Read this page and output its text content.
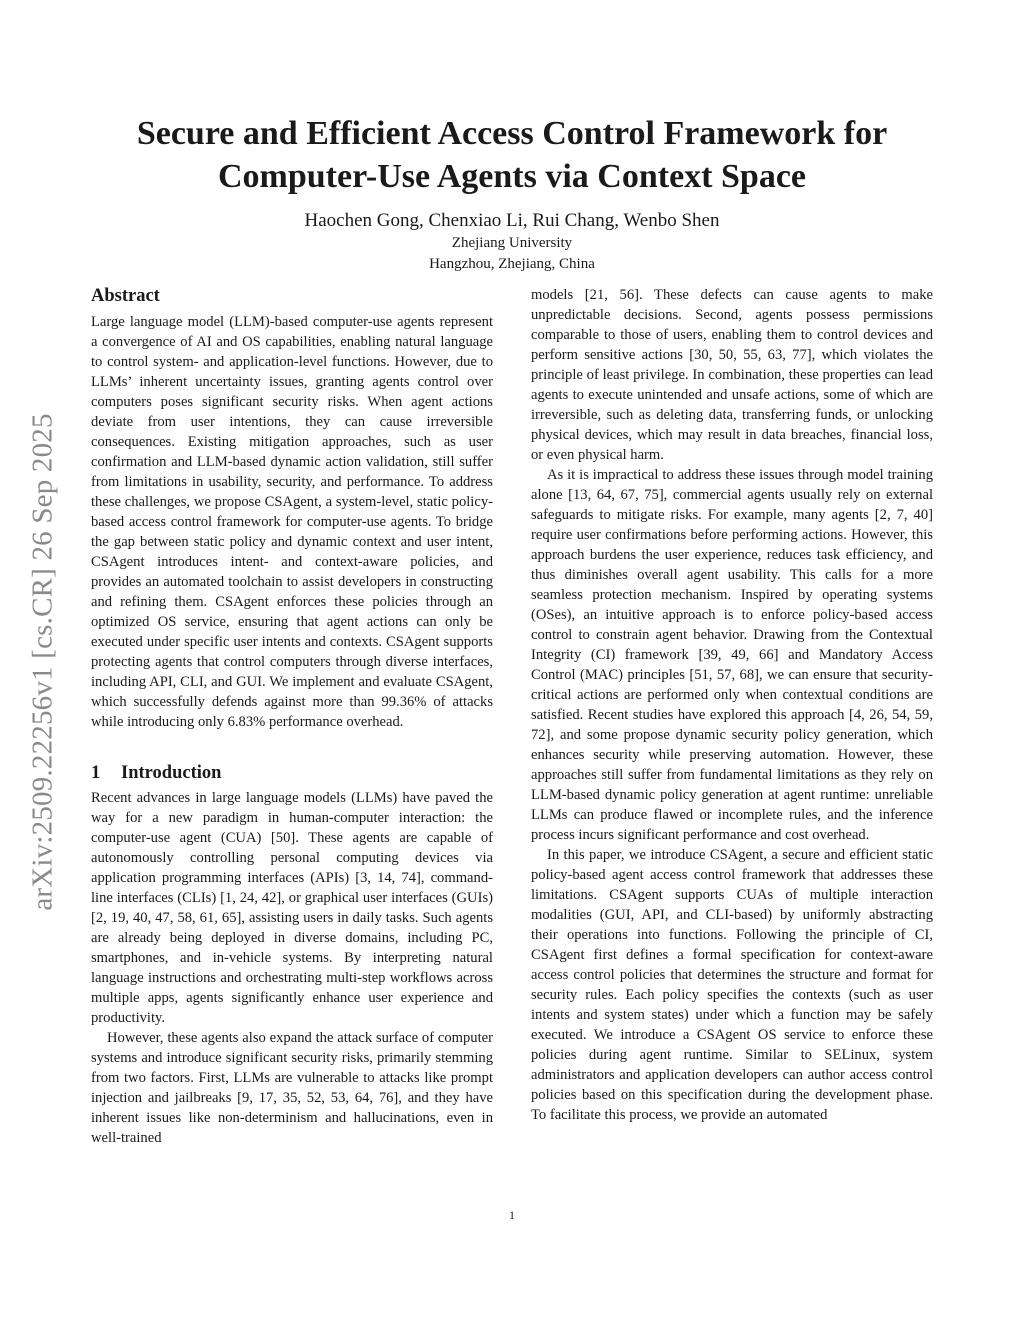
arXiv:2509.22256v1 [cs.CR] 26 Sep 2025
Secure and Efficient Access Control Framework for
Computer-Use Agents via Context Space
Haochen Gong, Chenxiao Li, Rui Chang, Wenbo Shen
Zhejiang University
Hangzhou, Zhejiang, China
Abstract

Large language model (LLM)-based computer-use agents represent a convergence of AI and OS capabilities, enabling natural language to control system- and application-level functions. However, due to LLMs’ inherent uncertainty issues, granting agents control over computers poses significant security risks. When agent actions deviate from user intentions, they can cause irreversible consequences. Existing mitigation approaches, such as user confirmation and LLM-based dynamic action validation, still suffer from limitations in usability, security, and performance. To address these challenges, we propose CSAgent, a system-level, static policy-based access control framework for computer-use agents. To bridge the gap between static policy and dynamic context and user intent, CSAgent introduces intent- and context-aware policies, and provides an automated toolchain to assist developers in constructing and refining them. CSAgent enforces these policies through an optimized OS service, ensuring that agent actions can only be executed under specific user intents and contexts. CSAgent supports protecting agents that control computers through diverse interfaces, including API, CLI, and GUI. We implement and evaluate CSAgent, which successfully defends against more than 99.36% of attacks while introducing only 6.83% performance overhead.

1 Introduction

Recent advances in large language models (LLMs) have paved the way for a new paradigm in human-computer interaction: the computer-use agent (CUA) [50]. These agents are capable of autonomously controlling personal computing devices via application programming interfaces (APIs) [3, 14, 74], command-line interfaces (CLIs) [1, 24, 42], or graphical user interfaces (GUIs) [2, 19, 40, 47, 58, 61, 65], assisting users in daily tasks. Such agents are already being deployed in diverse domains, including PC, smartphones, and in-vehicle systems. By interpreting natural language instructions and orchestrating multi-step workflows across multiple apps, agents significantly enhance user experience and productivity.

However, these agents also expand the attack surface of computer systems and introduce significant security risks, primarily stemming from two factors. First, LLMs are vulnerable to attacks like prompt injection and jailbreaks [9, 17, 35, 52, 53, 64, 76], and they have inherent issues like non-determinism and hallucinations, even in well-trained

models [21, 56]. These defects can cause agents to make unpredictable decisions. Second, agents possess permissions comparable to those of users, enabling them to control devices and perform sensitive actions [30, 50, 55, 63, 77], which violates the principle of least privilege. In combination, these properties can lead agents to execute unintended and unsafe actions, some of which are irreversible, such as deleting data, transferring funds, or unlocking physical devices, which may result in data breaches, financial loss, or even physical harm.

As it is impractical to address these issues through model training alone [13, 64, 67, 75], commercial agents usually rely on external safeguards to mitigate risks. For example, many agents [2, 7, 40] require user confirmations before performing actions. However, this approach burdens the user experience, reduces task efficiency, and thus diminishes overall agent usability. This calls for a more seamless protection mechanism. Inspired by operating systems (OSes), an intuitive approach is to enforce policy-based access control to constrain agent behavior. Drawing from the Contextual Integrity (CI) framework [39, 49, 66] and Mandatory Access Control (MAC) principles [51, 57, 68], we can ensure that security-critical actions are performed only when contextual conditions are satisfied. Recent studies have explored this approach [4, 26, 54, 59, 72], and some propose dynamic security policy generation, which enhances security while preserving automation. However, these approaches still suffer from fundamental limitations as they rely on LLM-based dynamic policy generation at agent runtime: unreliable LLMs can produce flawed or incomplete rules, and the inference process incurs significant performance and cost overhead.

In this paper, we introduce CSAgent, a secure and efficient static policy-based agent access control framework that addresses these limitations. CSAgent supports CUAs of multiple interaction modalities (GUI, API, and CLI-based) by uniformly abstracting their operations into functions. Following the principle of CI, CSAgent first defines a formal specification for context-aware access control policies that determines the structure and format for security rules. Each policy specifies the contexts (such as user intents and system states) under which a function may be safely executed. We introduce a CSAgent OS service to enforce these policies during agent runtime. Similar to SELinux, system administrators and application developers can author access control policies based on this specification during the development phase. To facilitate this process, we provide an automated

1
